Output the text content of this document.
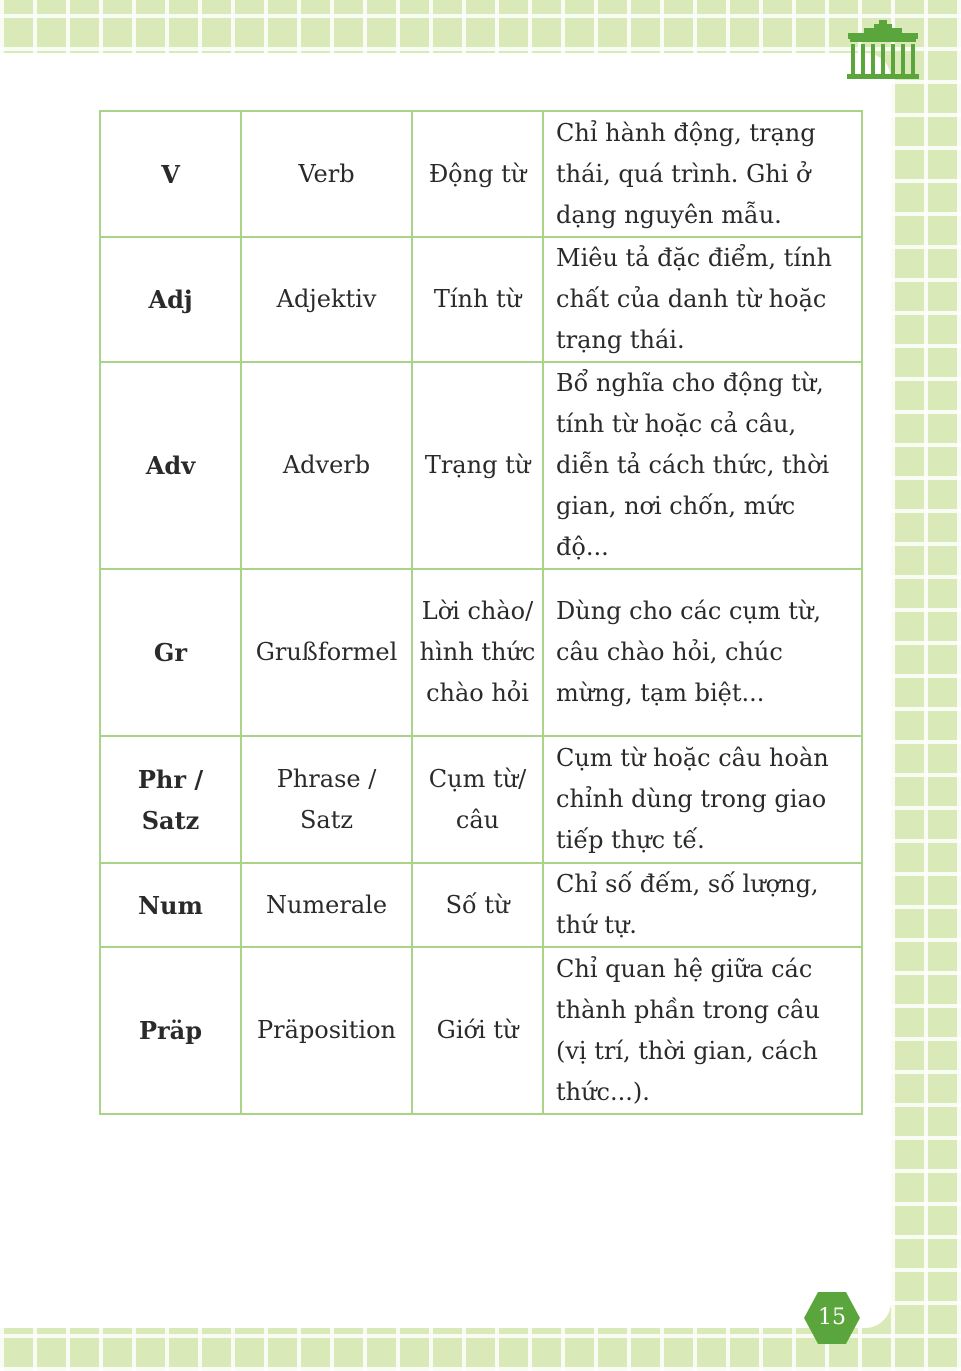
V	Verb	Động từ	Chỉ hành động, trạng thái, quá trình. Ghi ở dạng nguyên mẫu.
Adj	Adjektiv	Tính từ	Miêu tả đặc điểm, tính chất của danh từ hoặc trạng thái.
Adv	Adverb	Trạng từ	Bổ nghĩa cho động từ, tính từ hoặc cả câu, diễn tả cách thức, thời gian, nơi chốn, mức độ...
Gr	Grußformel	Lời chào/ hình thức chào hỏi	Dùng cho các cụm từ, câu chào hỏi, chúc mừng, tạm biệt...
Phr / Satz	Phrase / Satz	Cụm từ/ câu	Cụm từ hoặc câu hoàn chỉnh dùng trong giao tiếp thực tế.
Num	Numerale	Số từ	Chỉ số đếm, số lượng, thứ tự.
Präp	Präposition	Giới từ	Chỉ quan hệ giữa các thành phần trong câu (vị trí, thời gian, cách thức...).
15
